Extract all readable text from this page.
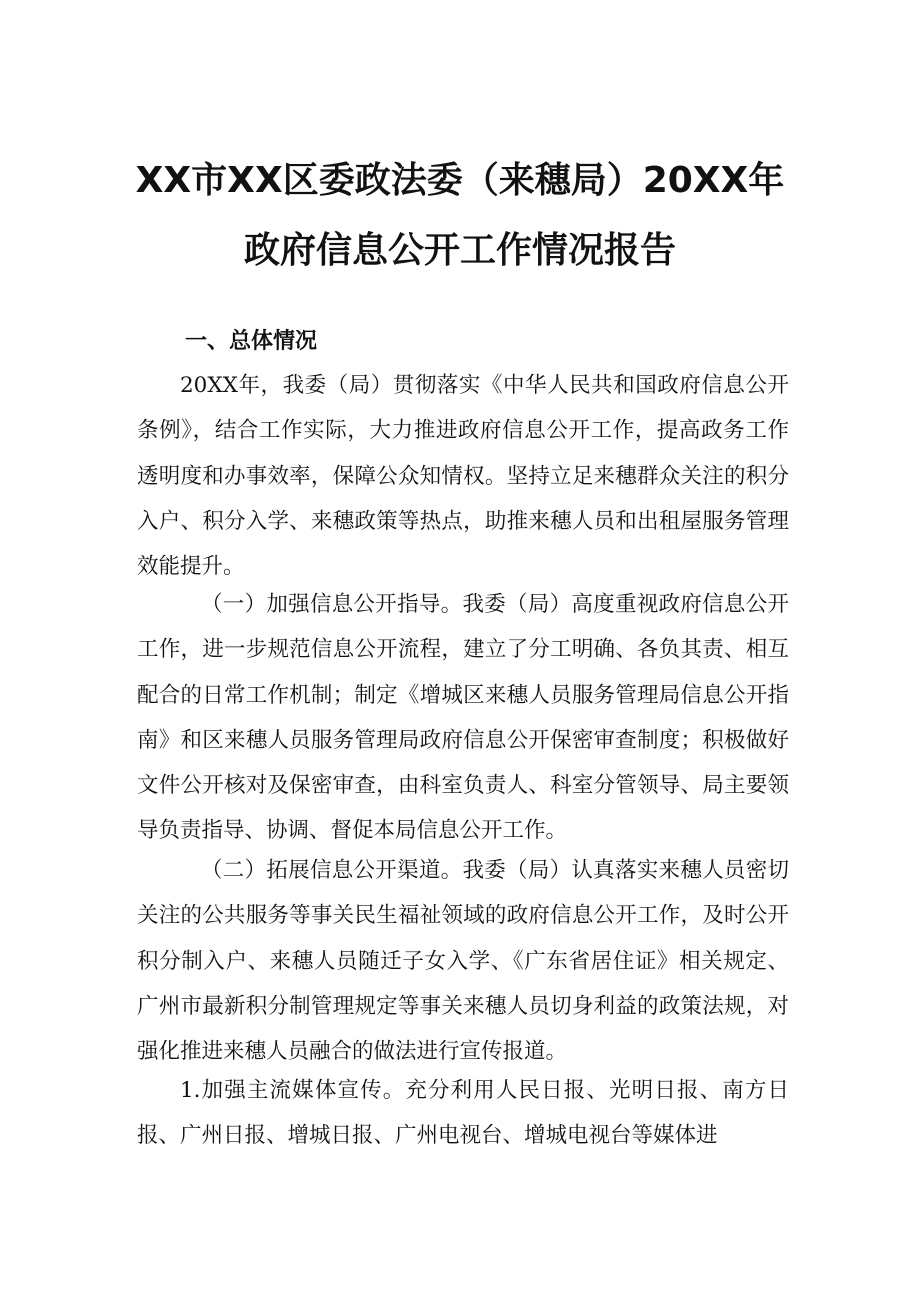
XX市XX区委政法委（来穗局）20XX年
政府信息公开工作情况报告
一、总体情况

20XX年，我委（局）贯彻落实《中华人民共和国政府信息公开条例》，结合工作实际，大力推进政府信息公开工作，提高政务工作透明度和办事效率，保障公众知情权。坚持立足来穗群众关注的积分入户、积分入学、来穗政策等热点，助推来穗人员和出租屋服务管理效能提升。

（一）加强信息公开指导。我委（局）高度重视政府信息公开工作，进一步规范信息公开流程，建立了分工明确、各负其责、相互配合的日常工作机制；制定《增城区来穗人员服务管理局信息公开指南》和区来穗人员服务管理局政府信息公开保密审查制度；积极做好文件公开核对及保密审查，由科室负责人、科室分管领导、局主要领导负责指导、协调、督促本局信息公开工作。

（二）拓展信息公开渠道。我委（局）认真落实来穗人员密切关注的公共服务等事关民生福祉领域的政府信息公开工作，及时公开积分制入户、来穗人员随迁子女入学、《广东省居住证》相关规定、广州市最新积分制管理规定等事关来穗人员切身利益的政策法规，对强化推进来穗人员融合的做法进行宣传报道。

1.加强主流媒体宣传。充分利用人民日报、光明日报、南方日报、广州日报、增城日报、广州电视台、增城电视台等媒体进
